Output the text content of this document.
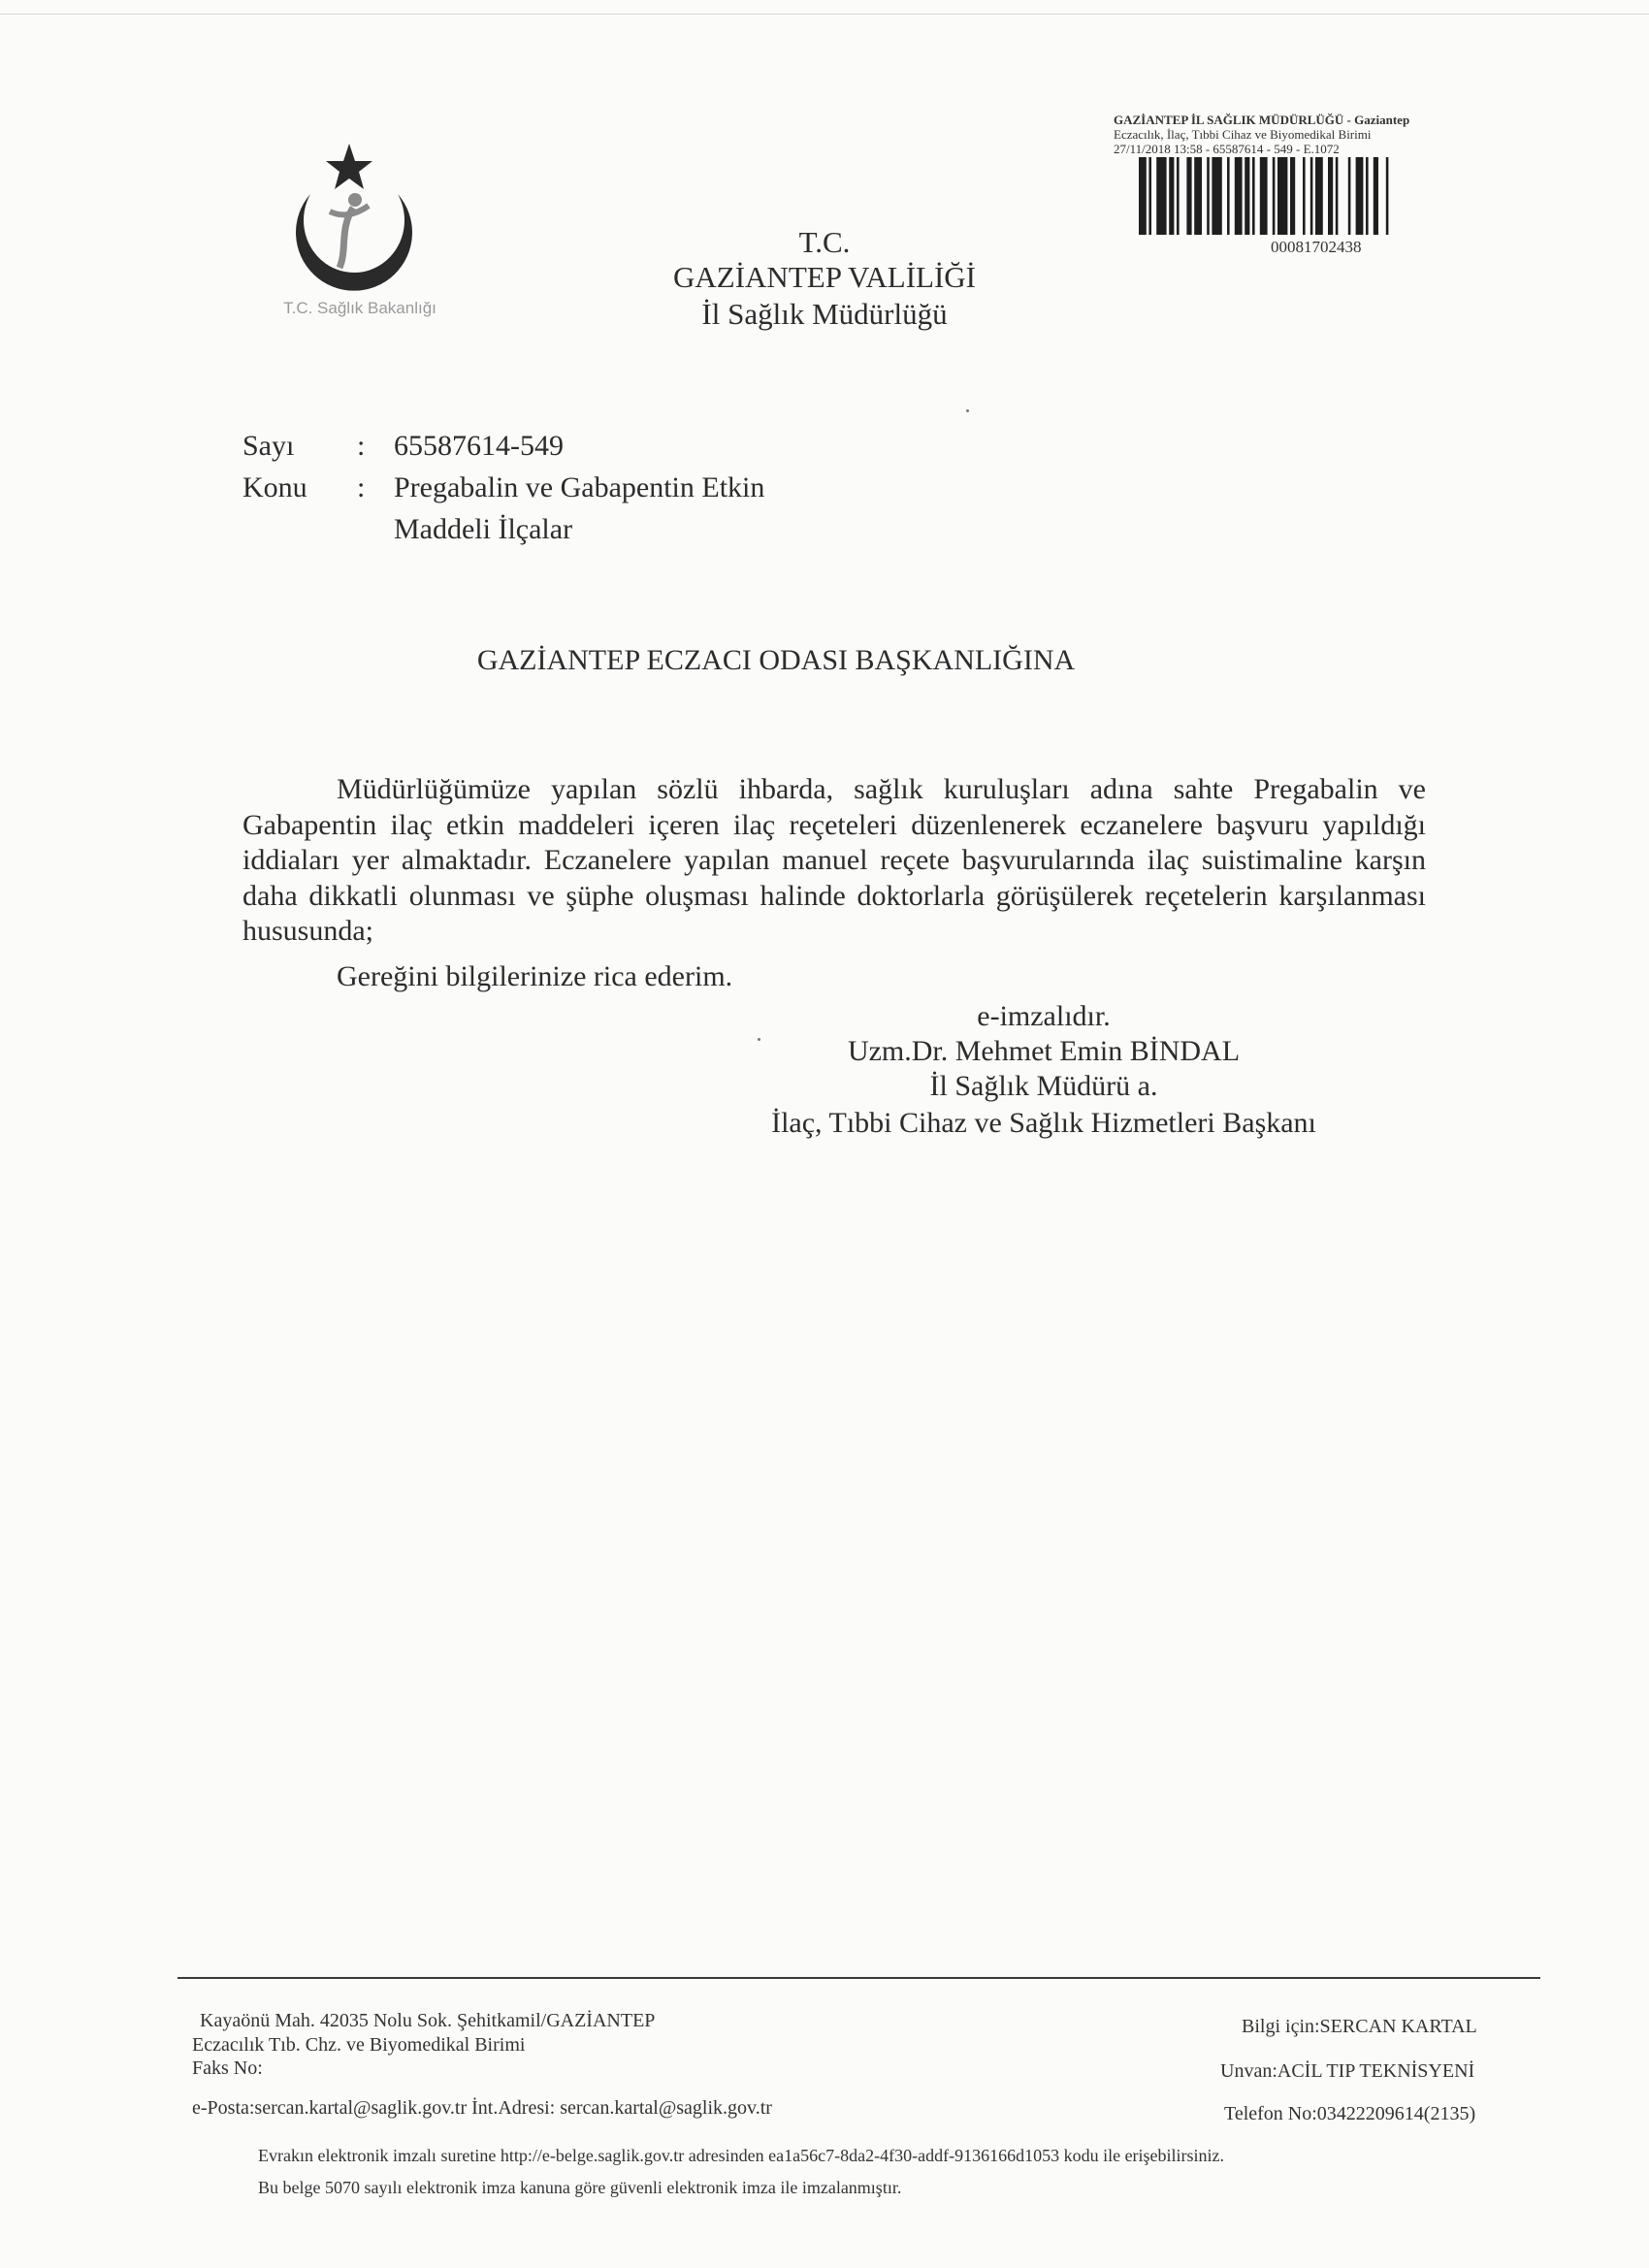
T.C. Sağlık Bakanlığı
T.C.
GAZİANTEP VALİLİĞİ
İl Sağlık Müdürlüğü
GAZİANTEP İL SAĞLIK MÜDÜRLÜĞÜ - Gaziantep
Eczacılık, İlaç, Tıbbi Cihaz ve Biyomedikal Birimi
27/11/2018 13:58 - 65587614 - 549 - E.1072
00081702438
Sayı : 65587614-549
Konu : Pregabalin ve Gabapentin Etkin
Maddeli İlçalar
GAZİANTEP ECZACI ODASI BAŞKANLIĞINA
Müdürlüğümüze yapılan sözlü ihbarda, sağlık kuruluşları adına sahte Pregabalin ve Gabapentin ilaç etkin maddeleri içeren ilaç reçeteleri düzenlenerek eczanelere başvuru yapıldığı iddiaları yer almaktadır. Eczanelere yapılan manuel reçete başvurularında ilaç suistimaline karşın daha dikkatli olunması ve şüphe oluşması halinde doktorlarla görüşülerek reçetelerin karşılanması hususunda;
Gereğini bilgilerinize rica ederim.
e-imzalıdır.
Uzm.Dr. Mehmet Emin BİNDAL
İl Sağlık Müdürü a.
İlaç, Tıbbi Cihaz ve Sağlık Hizmetleri Başkanı
Kayaönü Mah. 42035 Nolu Sok. Şehitkamil/GAZİANTEP
Eczacılık Tıb. Chz. ve Biyomedikal Birimi
Faks No:
e-Posta:sercan.kartal@saglik.gov.tr İnt.Adresi: sercan.kartal@saglik.gov.tr
Bilgi için:SERCAN KARTAL
Unvan:ACİL TIP TEKNİSYENİ
Telefon No:03422209614(2135)
Evrakın elektronik imzalı suretine http://e-belge.saglik.gov.tr adresinden ea1a56c7-8da2-4f30-addf-9136166d1053 kodu ile erişebilirsiniz.
Bu belge 5070 sayılı elektronik imza kanuna göre güvenli elektronik imza ile imzalanmıştır.
